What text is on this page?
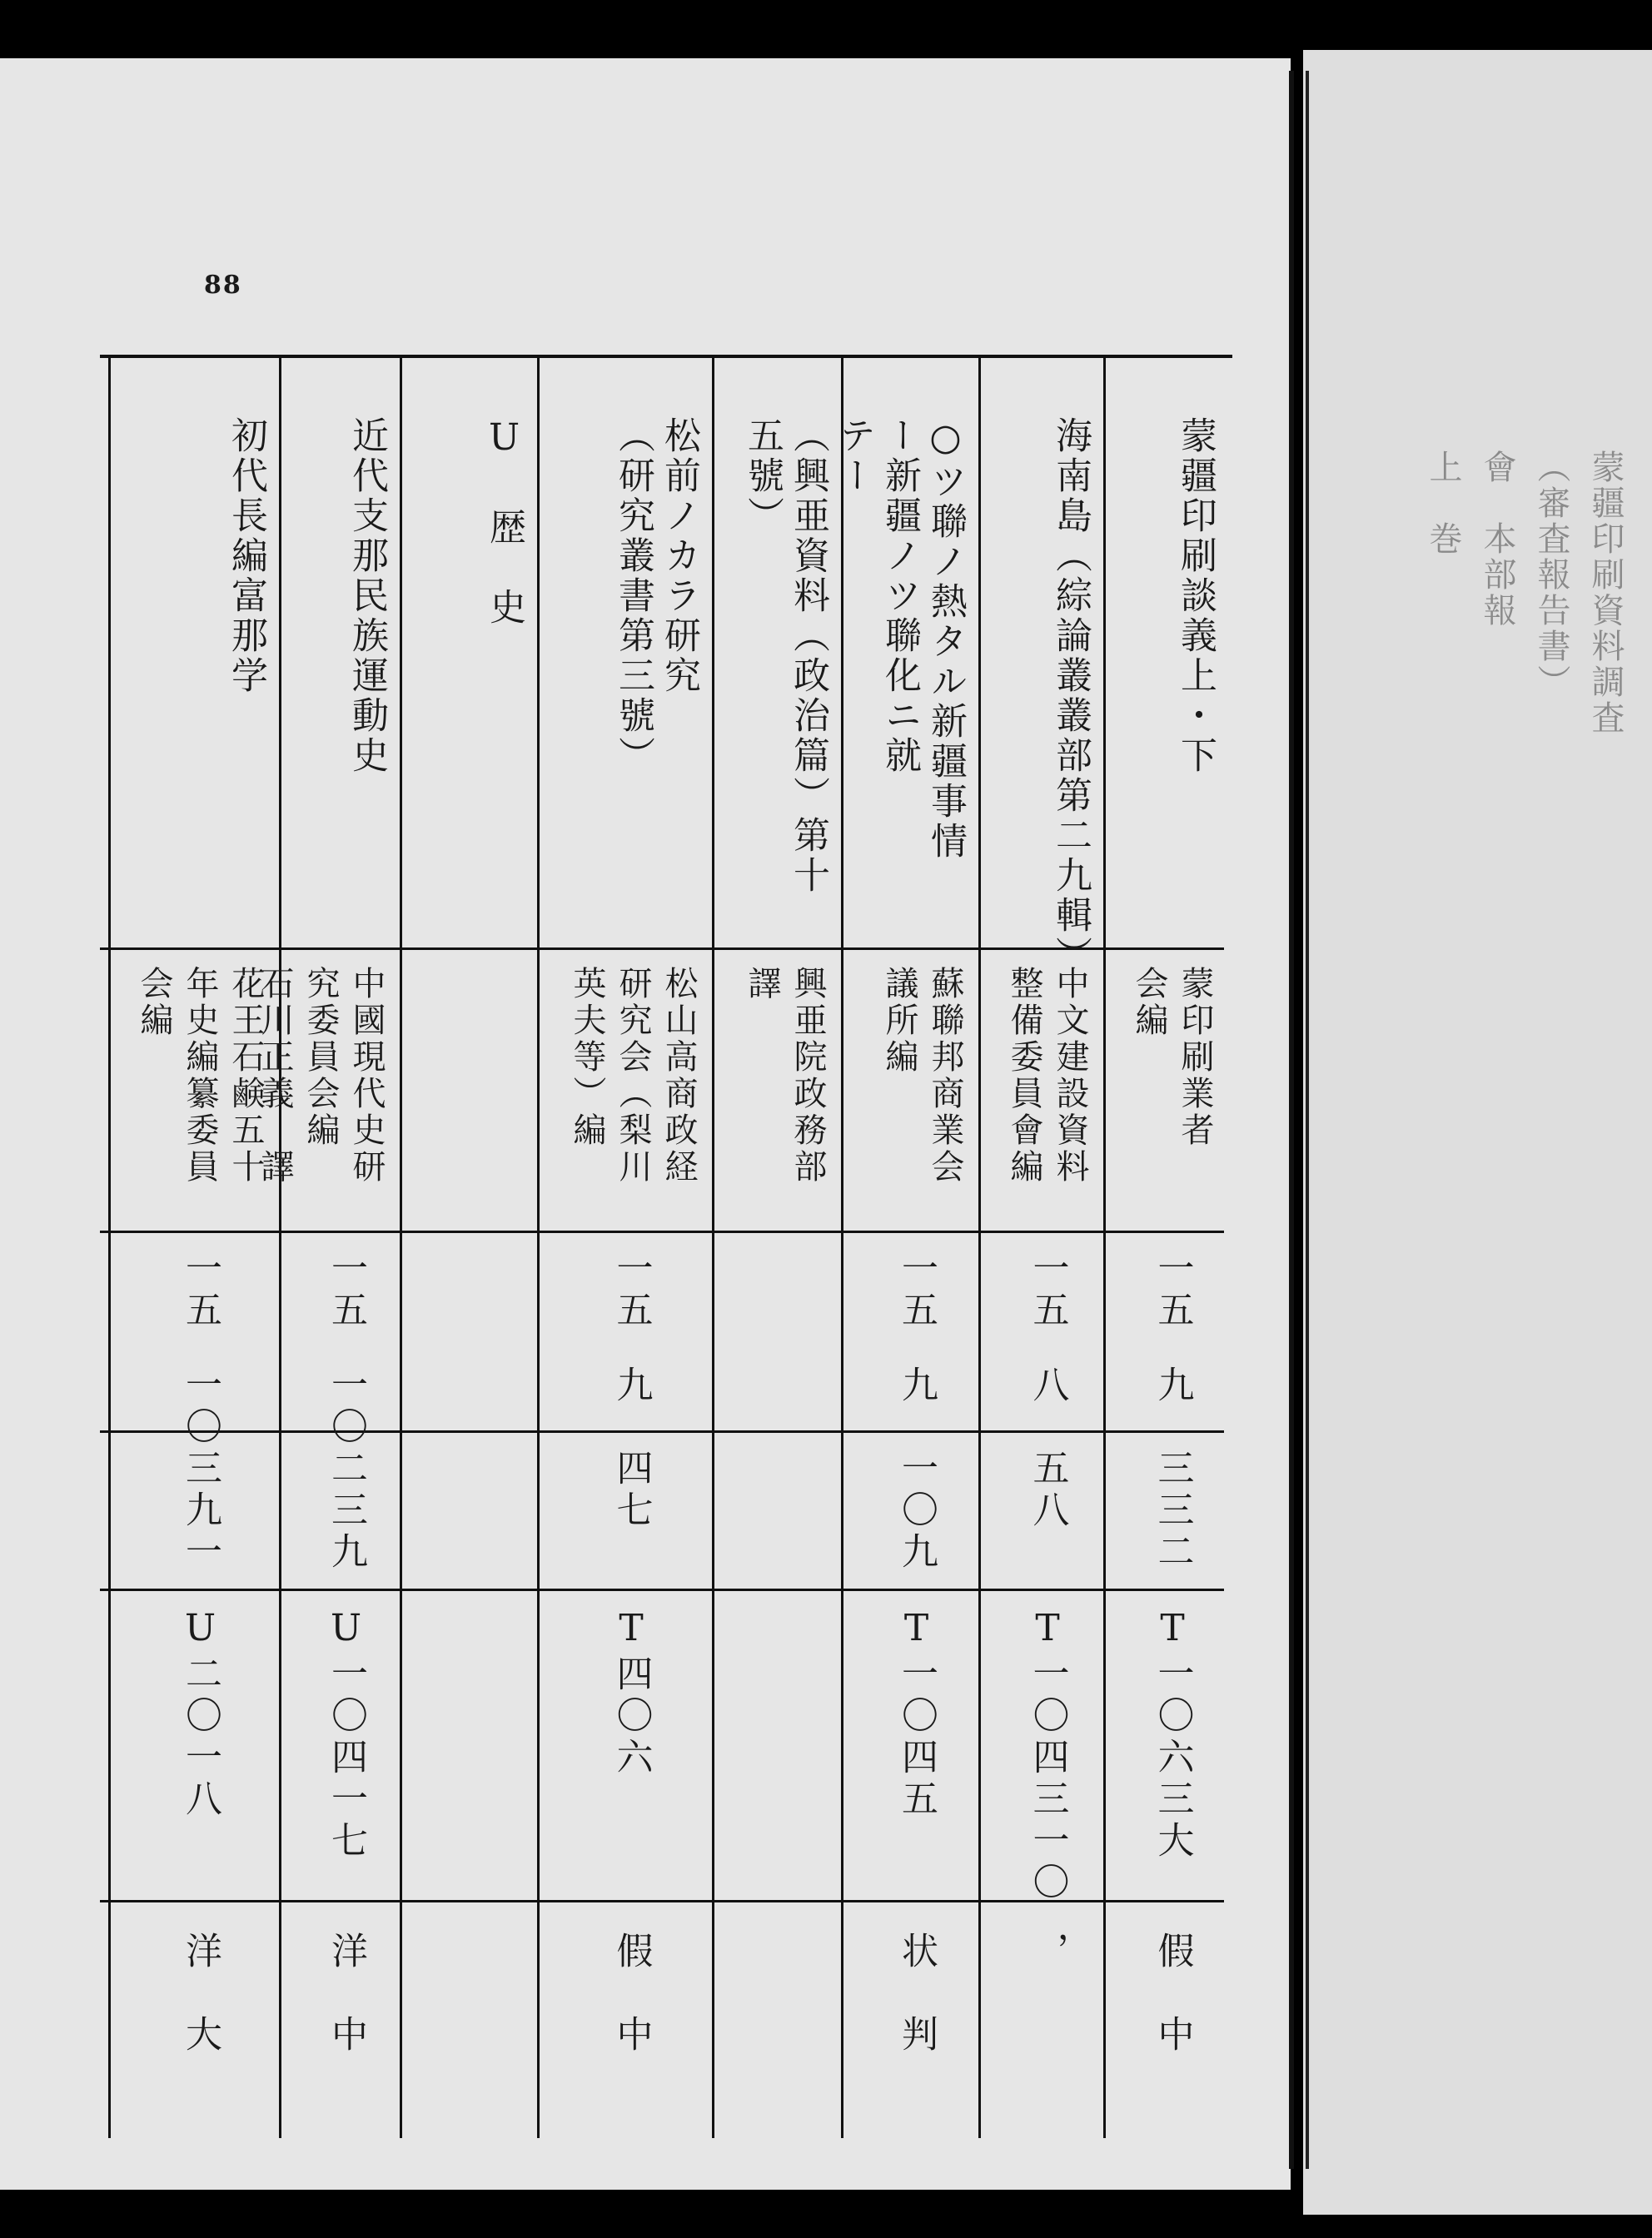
88
蒙疆印刷談義上・下
蒙印刷業者
会編
一五
九
三三二
T一〇六三大
假
中
海南島（綜論叢叢部第二九輯）
中文建設資料
整備委員會編
一五
八
五八
T一〇四三一〇
，
○ツ聯ノ熱タル新疆事情
ー新疆ノツ聯化ニ就
テー
蘇聯邦商業会
議所編
一五
九
一〇九
T一〇四五
状
判
（興亜資料（政治篇）第十
五號）
興亜院政務部
譯
松前ノカラ研究
（研究叢書第三號）
松山高商政経
研究会（梨川
英夫等）編
一五
九
四七
T四〇六
假
中
U 歴　史
近代支那民族運動史
中國現代史研
究委員会編
石川正義　譯
一五
一〇
二三九
U一〇四一七
洋
中
初代長編富那学
花王石鹸五十
年史編纂委員
会編
一五
一〇
三九一
U二〇一八
洋
大
蒙疆印刷資料調査
（審査報告書）
會　本部報
上　巻
